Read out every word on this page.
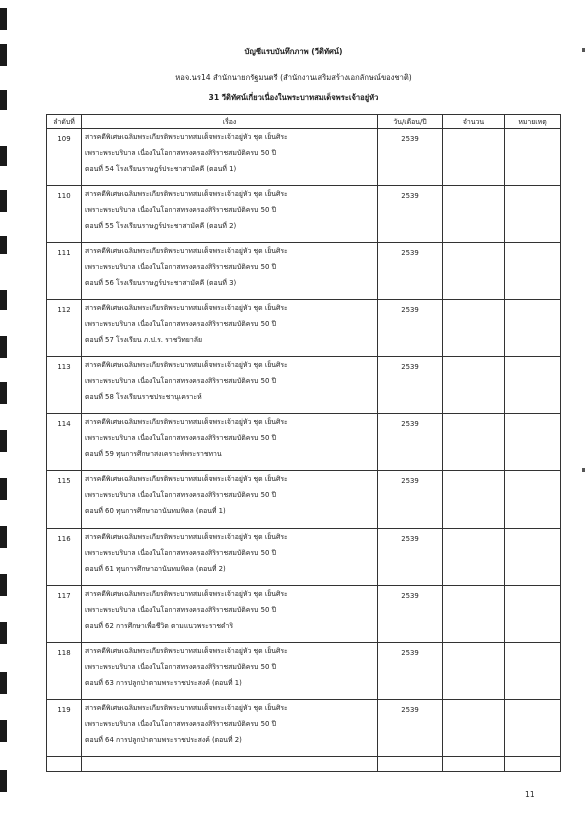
บัญชีแรบบันทึกภาพ (วีดิทัศน์)
หอจ.นร14 สำนักนายกรัฐมนตรี (สำนักงานเสริมสร้างเอกลักษณ์ของชาติ)
31 วีดิทัศน์เกี่ยวเนื่องในพระบาทสมเด็จพระเจ้าอยู่หัว
ลำดับที่	เรื่อง	วัน/เดือน/ปี	จำนวน	หมายเหตุ
109	สารคดีพิเศษเฉลิมพระเกียรติพระบาทสมเด็จพระเจ้าอยู่หัว ชุด เย็นศิระ
เพราะพระบริบาล เนื่องในโอกาสทรงครองสิริราชสมบัติครบ 50 ปี
ตอนที่ 54 โรงเรียนราษฎร์ประชาสามัคคี (ตอนที่ 1)	2539		
110	สารคดีพิเศษเฉลิมพระเกียรติพระบาทสมเด็จพระเจ้าอยู่หัว ชุด เย็นศิระ
เพราะพระบริบาล เนื่องในโอกาสทรงครองสิริราชสมบัติครบ 50 ปี
ตอนที่ 55 โรงเรียนราษฎร์ประชาสามัคคี (ตอนที่ 2)	2539		
111	สารคดีพิเศษเฉลิมพระเกียรติพระบาทสมเด็จพระเจ้าอยู่หัว ชุด เย็นศิระ
เพราะพระบริบาล เนื่องในโอกาสทรงครองสิริราชสมบัติครบ 50 ปี
ตอนที่ 56 โรงเรียนราษฎร์ประชาสามัคคี (ตอนที่ 3)	2539		
112	สารคดีพิเศษเฉลิมพระเกียรติพระบาทสมเด็จพระเจ้าอยู่หัว ชุด เย็นศิระ
เพราะพระบริบาล เนื่องในโอกาสทรงครองสิริราชสมบัติครบ 50 ปี
ตอนที่ 57 โรงเรียน ภ.ป.ร. ราชวิทยาลัย	2539		
113	สารคดีพิเศษเฉลิมพระเกียรติพระบาทสมเด็จพระเจ้าอยู่หัว ชุด เย็นศิระ
เพราะพระบริบาล เนื่องในโอกาสทรงครองสิริราชสมบัติครบ 50 ปี
ตอนที่ 58 โรงเรียนราชประชานุเคราะห์	2539		
114	สารคดีพิเศษเฉลิมพระเกียรติพระบาทสมเด็จพระเจ้าอยู่หัว ชุด เย็นศิระ
เพราะพระบริบาล เนื่องในโอกาสทรงครองสิริราชสมบัติครบ 50 ปี
ตอนที่ 59 ทุนการศึกษาสงเคราะห์พระราชทาน	2539		
115	สารคดีพิเศษเฉลิมพระเกียรติพระบาทสมเด็จพระเจ้าอยู่หัว ชุด เย็นศิระ
เพราะพระบริบาล เนื่องในโอกาสทรงครองสิริราชสมบัติครบ 50 ปี
ตอนที่ 60 ทุนการศึกษาอานันทมหิดล (ตอนที่ 1)	2539		
116	สารคดีพิเศษเฉลิมพระเกียรติพระบาทสมเด็จพระเจ้าอยู่หัว ชุด เย็นศิระ
เพราะพระบริบาล เนื่องในโอกาสทรงครองสิริราชสมบัติครบ 50 ปี
ตอนที่ 61 ทุนการศึกษาอานันทมหิดล (ตอนที่ 2)	2539		
117	สารคดีพิเศษเฉลิมพระเกียรติพระบาทสมเด็จพระเจ้าอยู่หัว ชุด เย็นศิระ
เพราะพระบริบาล เนื่องในโอกาสทรงครองสิริราชสมบัติครบ 50 ปี
ตอนที่ 62 การศึกษาเพื่อชีวิต ตามแนวพระราชดำริ	2539		
118	สารคดีพิเศษเฉลิมพระเกียรติพระบาทสมเด็จพระเจ้าอยู่หัว ชุด เย็นศิระ
เพราะพระบริบาล เนื่องในโอกาสทรงครองสิริราชสมบัติครบ 50 ปี
ตอนที่ 63 การปลูกป่าตามพระราชประสงค์ (ตอนที่ 1)	2539		
119	สารคดีพิเศษเฉลิมพระเกียรติพระบาทสมเด็จพระเจ้าอยู่หัว ชุด เย็นศิระ
เพราะพระบริบาล เนื่องในโอกาสทรงครองสิริราชสมบัติครบ 50 ปี
ตอนที่ 64 การปลูกป่าตามพระราชประสงค์ (ตอนที่ 2)	2539		

11
